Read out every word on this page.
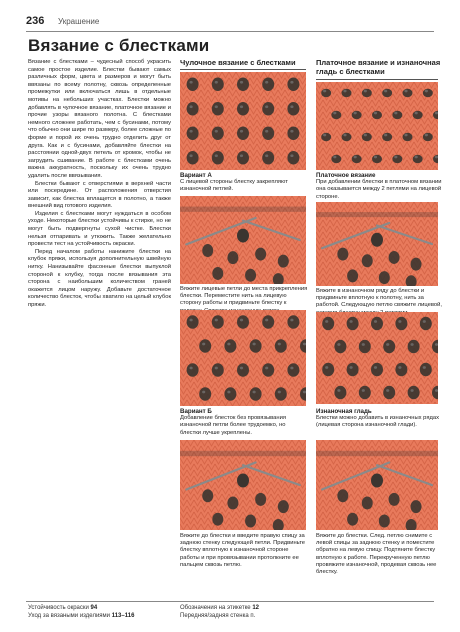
236 Украшение
Вязание с блестками

Вязание с блестками – чудесный способ украсить самое простое изделие. Блестки бывают самых различных форм, цвета и размеров и могут быть ввязаны по всему полотну, сквозь определенные промежутки или включаться лишь в отдельные мотивы на небольших участках. Блестки можно добавлять в чулочное вязание, платочное вязание и прочие узоры вязаного полотна. С блестками немного сложнее работать, чем с бусинами, потому что обычно они шире по размеру, более сложные по форме и порой их очень трудно отделить друг от друга. Как и с бусинами, добавляйте блестки на расстоянии одной-двух петель от кромок, чтобы не загрудить сшивание. В работе с блестками очень важна аккуратность, поскольку их очень трудно удалить после ввязывания.

Блестки бывают с отверстиями в верхней части или посередине. От расположения отверстия зависит, как блестка вплащется в полотно, а также внешний вид готового изделия.

Изделия с блестками могут нуждаться в особом уходе. Некоторые блестки устойчивы к стирке, но не могут быть подвергнуты сухой чистке. Блестки нельзя отпаривать и утюжить. Также желательно провести тест на устойчивость окраски.

Перед началом работы нанижите блестки на клубок пряжи, используя дополнительную швейную нитку. Нанизывайте фасонные блестки выпуклой стороной к клубку, тогда после вязывания эта сторона с наибольшим количеством граней окажется лицом наружу. Добавьте достаточное количество блесток, чтобы хватило на целый клубок пряжи.

Чулочное вязание с блестками	Платочное вязание и изнаночная гладь с блестками
Вариант А
С лицевой стороны блестку закрепляют изнаночной петлей.
Вяжите лицевые петли до места прикрепления блестки. Переместите нить на лицевую сторону работы и придвиньте блестку к
Вариант Б
Добавление блесток без провязывания изнаночной петли более трудоемко, но блестки лучше укреплены.
Вяжите до блестки и введите правую спицу за заднюю стенку следующей петли. Придвиньте блестку вплотную к изнаночной стороне работы и при провязывании протолкните ее пальцем сквозь петлю.
Платочное вязание
При добавлении блестки в платочном вязании она оказывается между 2 петлями на лицевой стороне.
Вяжите в изнаночном ряду до блестки и придвиньте вплотную к полотну, нить за работой. Следующую петлю свяжите лицевой,
Изнаночная гладь
Блестки можно добавить в изнаночных рядах (лицевая сторона изнаночной глади).
Вяжите до блестки. След. петлю снимите с левой спицы за заднюю стенку и поместите обратно на левую спицу. Подтяните блестку вплотную к работе. Перекрученную петлю провяжите изнаночной, продевая сквозь нее блестку.
Устойчивость окраски 94
Уход за вязаными изделиями 113–116
Обозначения на этикетке 12
Передняя/задняя стенка п.
